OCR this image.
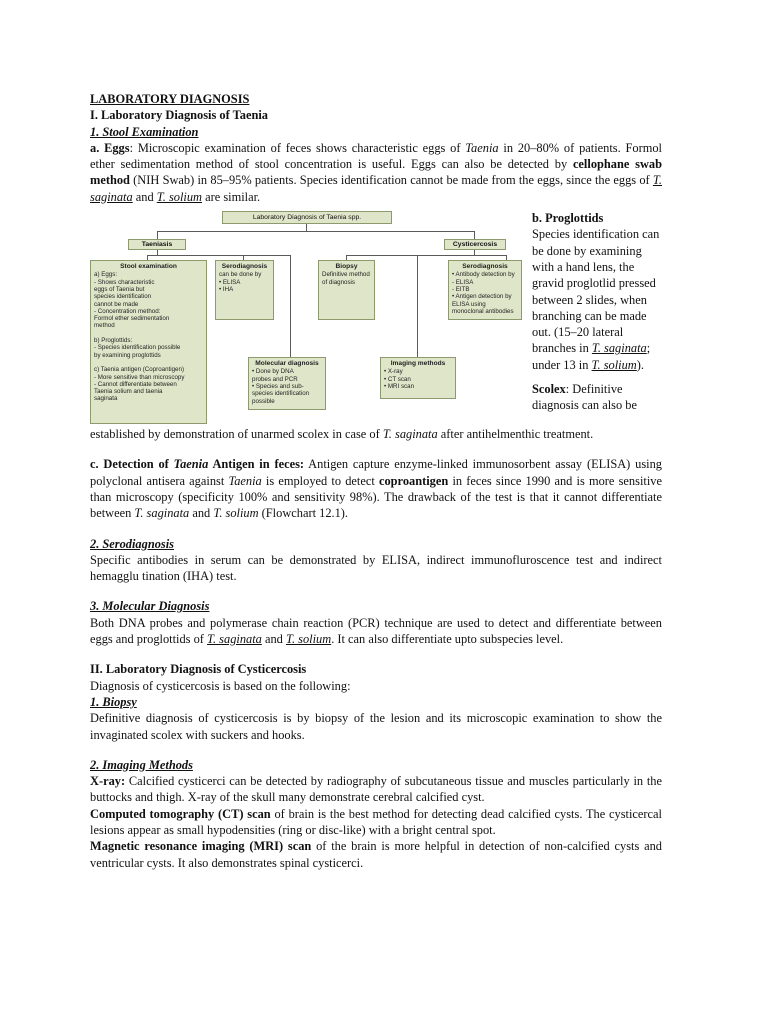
LABORATORY DIAGNOSIS

I. Laboratory Diagnosis of Taenia

1. Stool Examination

a. Eggs: Microscopic examination of feces shows characteristic eggs of Taenia in 20–80% of patients. Formol ether sedimentation method of stool concentration is useful. Eggs can also be detected by cellophane swab method (NIH Swab) in 85–95% patients. Species identification cannot be made from the eggs, since the eggs of T. saginata and T. solium are similar.

Laboratory Diagnosis of Taenia spp.
Taeniasis	Cysticercosis
Stool examination
a) Eggs:
- Shows characteristic
eggs of Taenia but
species identification
cannot be made
- Concentration method:
Formol ether sedimentation
method

b) Proglottids:
- Species identification possible
by examining proglottids

c) Taenia antigen (Coproantigen)
- More sensitive than microscopy
- Cannot differentiate between
Taenia solium and taenia
saginata
Serodiagnosis
can be done by
• ELISA
• IHA
Molecular diagnosis
• Done by DNA
probes and PCR
• Species and sub-
species identification
possible
Biopsy
Definitive method
of diagnosis
Imaging methods
• X-ray
• CT scan
• MRI scan
Serodiagnosis
• Antibody detection by
- ELISA
- EITB
• Antigen detection by
ELISA using
monoclonal antibodies

b. Proglottids

Species identification can be done by examining with a hand lens, the gravid proglotlid pressed between 2 slides, when branching can be made out. (15–20 lateral branches in T. saginata; under 13 in T. solium).

Scolex: Definitive diagnosis can also be

established by demonstration of unarmed scolex in case of T. saginata after antihelmenthic treatment.

c. Detection of Taenia Antigen in feces: Antigen capture enzyme-linked immunosorbent assay (ELISA) using polyclonal antisera against Taenia is employed to detect coproantigen in feces since 1990 and is more sensitive than microscopy (specificity 100% and sensitivity 98%). The drawback of the test is that it cannot differentiate between T. saginata and T. solium (Flowchart 12.1).

2. Serodiagnosis

Specific antibodies in serum can be demonstrated by ELISA, indirect immunofluroscence test and indirect hemagglu tination (IHA) test.

3. Molecular Diagnosis

Both DNA probes and polymerase chain reaction (PCR) technique are used to detect and differentiate between eggs and proglottids of T. saginata and T. solium. It can also differentiate upto subspecies level.

II. Laboratory Diagnosis of Cysticercosis

Diagnosis of cysticercosis is based on the following:

1. Biopsy

Definitive diagnosis of cysticercosis is by biopsy of the lesion and its microscopic examination to show the invaginated scolex with suckers and hooks.

2. Imaging Methods

X-ray: Calcified cysticerci can be detected by radiography of subcutaneous tissue and muscles particularly in the buttocks and thigh. X-ray of the skull many demonstrate cerebral calcified cyst.

Computed tomography (CT) scan of brain is the best method for detecting dead calcified cysts. The cysticercal lesions appear as small hypodensities (ring or disc-like) with a bright central spot.

Magnetic resonance imaging (MRI) scan of the brain is more helpful in detection of non-calcified cysts and ventricular cysts. It also demonstrates spinal cysticerci.
